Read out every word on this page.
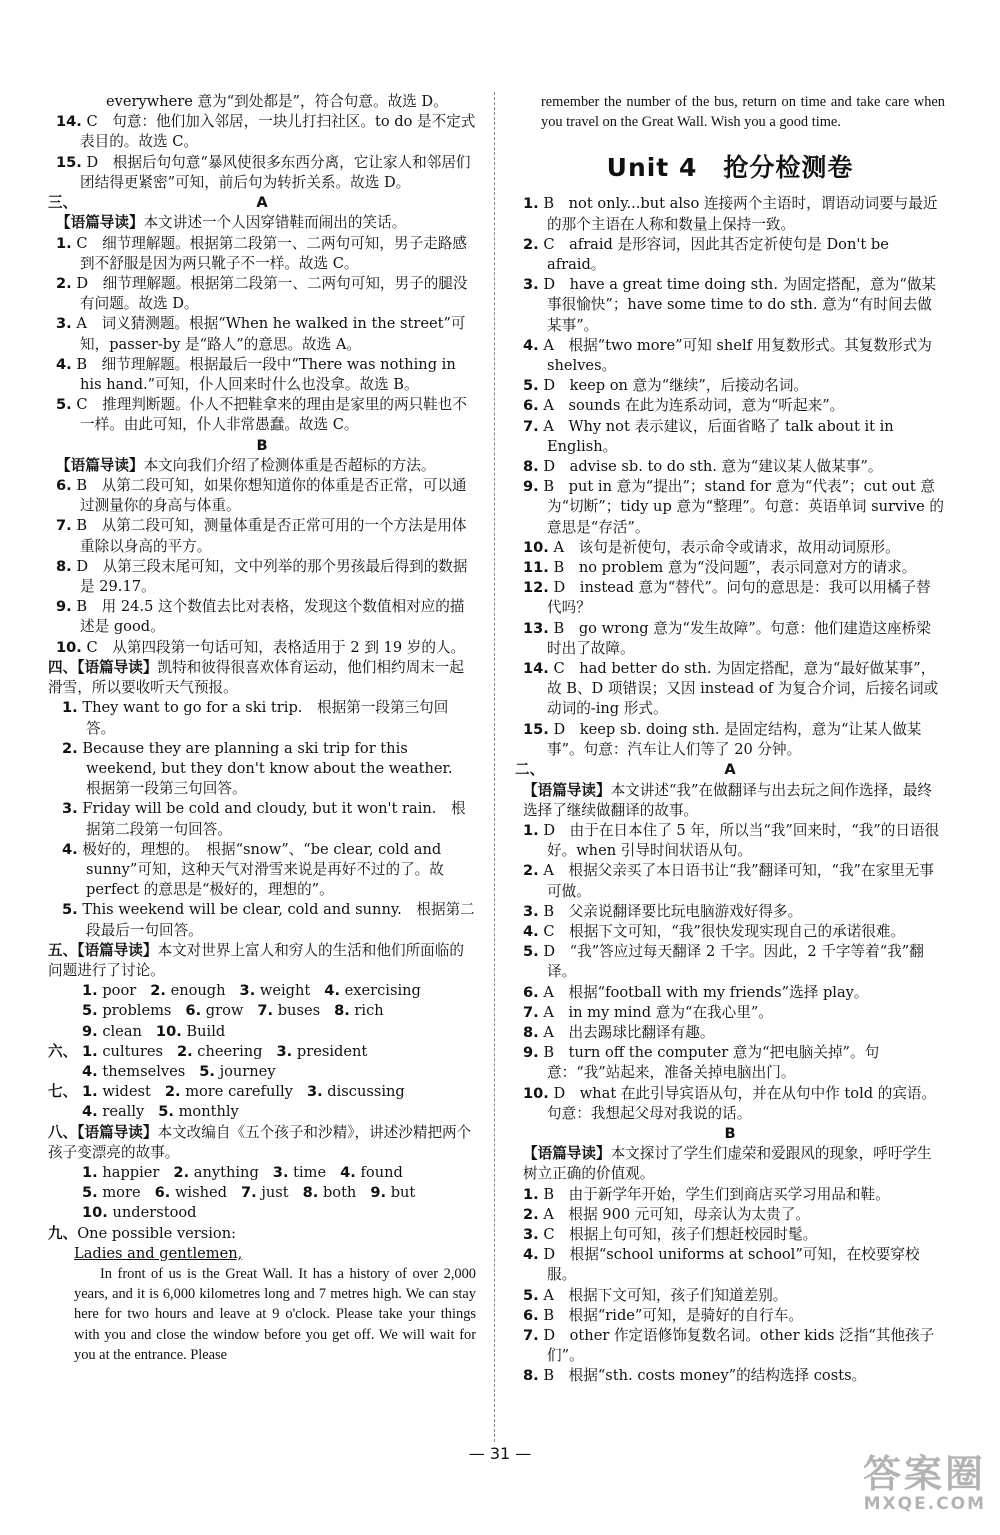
everywhere 意为“到处都是”，符合句意。故选 D。
14. C　句意：他们加入邻居，一块儿打扫社区。to do 是不定式表目的。故选 C。
15. D　根据后句句意“暴风使很多东西分离，它让家人和邻居们团结得更紧密”可知，前后句为转折关系。故选 D。
三、	A
【语篇导读】本文讲述一个人因穿错鞋而闹出的笑话。
1. C　细节理解题。根据第二段第一、二两句可知，男子走路感到不舒服是因为两只靴子不一样。故选 C。
2. D　细节理解题。根据第二段第一、二两句可知，男子的腿没有问题。故选 D。
3. A　词义猜测题。根据“When he walked in the street”可知，passer-by 是“路人”的意思。故选 A。
4. B　细节理解题。根据最后一段中“There was nothing in his hand.”可知，仆人回来时什么也没拿。故选 B。
5. C　推理判断题。仆人不把鞋拿来的理由是家里的两只鞋也不一样。由此可知，仆人非常愚蠢。故选 C。
B
【语篇导读】本文向我们介绍了检测体重是否超标的方法。
6. B　从第二段可知，如果你想知道你的体重是否正常，可以通过测量你的身高与体重。
7. B　从第二段可知，测量体重是否正常可用的一个方法是用体重除以身高的平方。
8. D　从第三段末尾可知，文中列举的那个男孩最后得到的数据是 29.17。
9. B　用 24.5 这个数值去比对表格，发现这个数值相对应的描述是 good。
10. C　从第四段第一句话可知，表格适用于 2 到 19 岁的人。
四、【语篇导读】凯特和彼得很喜欢体育运动，他们相约周末一起滑雪，所以要收听天气预报。
1. They want to go for a ski trip.　根据第一段第三句回答。
2. Because they are planning a ski trip for this weekend, but they don't know about the weather.　根据第一段第三句回答。
3. Friday will be cold and cloudy, but it won't rain.　根据第二段第一句回答。
4. 极好的，理想的。　根据“snow”、“be clear, cold and sunny”可知，这种天气对滑雪来说是再好不过的了。故 perfect 的意思是“极好的，理想的”。
5. This weekend will be clear, cold and sunny.　根据第二段最后一句回答。
五、【语篇导读】本文对世界上富人和穷人的生活和他们所面临的问题进行了讨论。
1. poor 2. enough 3. weight 4. exercising
5. problems 6. grow 7. buses 8. rich
9. clean 10. Build
六、 1. cultures 2. cheering 3. president
4. themselves 5. journey
七、 1. widest 2. more carefully 3. discussing
4. really 5. monthly
八、【语篇导读】本文改编自《五个孩子和沙精》，讲述沙精把两个孩子变漂亮的故事。
1. happier 2. anything 3. time 4. found
5. more 6. wished 7. just 8. both 9. but
10. understood
九、One possible version:
Ladies and gentlemen,
In front of us is the Great Wall. It has a history of over 2,000 years, and it is 6,000 kilometres long and 7 metres high. We can stay here for two hours and leave at 9 o'clock. Please take your things with you and close the window before you get off. We will wait for you at the entrance. Please
remember the number of the bus, return on time and take care when you travel on the Great Wall. Wish you a good time.
Unit 4　抢分检测卷
1. B　not only...but also 连接两个主语时，谓语动词要与最近的那个主语在人称和数量上保持一致。
2. C　afraid 是形容词，因此其否定祈使句是 Don't be afraid。
3. D　have a great time doing sth. 为固定搭配，意为“做某事很愉快”；have some time to do sth. 意为“有时间去做某事”。
4. A　根据“two more”可知 shelf 用复数形式。其复数形式为 shelves。
5. D　keep on 意为“继续”，后接动名词。
6. A　sounds 在此为连系动词，意为“听起来”。
7. A　Why not 表示建议，后面省略了 talk about it in English。
8. D　advise sb. to do sth. 意为“建议某人做某事”。
9. B　put in 意为“提出”；stand for 意为“代表”；cut out 意为“切断”；tidy up 意为“整理”。句意：英语单词 survive 的意思是“存活”。
10. A　该句是祈使句，表示命令或请求，故用动词原形。
11. B　no problem 意为“没问题”，表示同意对方的请求。
12. D　instead 意为“替代”。问句的意思是：我可以用橘子替代吗？
13. B　go wrong 意为“发生故障”。句意：他们建造这座桥梁时出了故障。
14. C　had better do sth. 为固定搭配，意为“最好做某事”，故 B、D 项错误；又因 instead of 为复合介词，后接名词或动词的-ing 形式。
15. D　keep sb. doing sth. 是固定结构，意为“让某人做某事”。句意：汽车让人们等了 20 分钟。
二、	A
【语篇导读】本文讲述“我”在做翻译与出去玩之间作选择，最终选择了继续做翻译的故事。
1. D　由于在日本住了 5 年，所以当“我”回来时，“我”的日语很好。when 引导时间状语从句。
2. A　根据父亲买了本日语书让“我”翻译可知，“我”在家里无事可做。
3. B　父亲说翻译要比玩电脑游戏好得多。
4. C　根据下文可知，“我”很快发现实现自己的承诺很难。
5. D　“我”答应过每天翻译 2 千字。因此，2 千字等着“我”翻译。
6. A　根据“football with my friends”选择 play。
7. A　in my mind 意为“在我心里”。
8. A　出去踢球比翻译有趣。
9. B　turn off the computer 意为“把电脑关掉”。句意：“我”站起来，准备关掉电脑出门。
10. D　what 在此引导宾语从句，并在从句中作 told 的宾语。句意：我想起父母对我说的话。
B
【语篇导读】本文探讨了学生们虚荣和爱跟风的现象，呼吁学生树立正确的价值观。
1. B　由于新学年开始，学生们到商店买学习用品和鞋。
2. A　根据 900 元可知，母亲认为太贵了。
3. C　根据上句可知，孩子们想赶校园时髦。
4. D　根据“school uniforms at school”可知，在校要穿校服。
5. A　根据下文可知，孩子们知道差别。
6. B　根据“ride”可知，是骑好的自行车。
7. D　other 作定语修饰复数名词。other kids 泛指“其他孩子们”。
8. B　根据“sth. costs money”的结构选择 costs。
— 31 —	答案圈
MXQE.COM
